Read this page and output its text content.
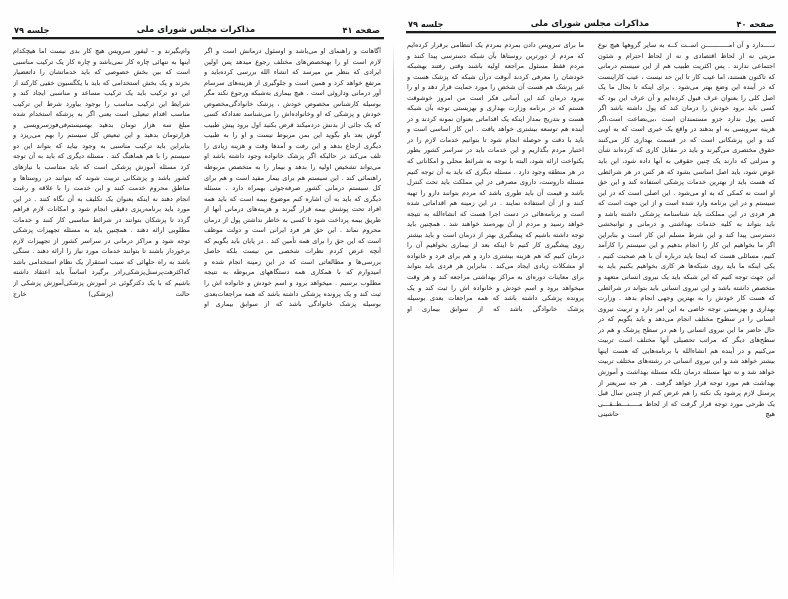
صفحه ۴۰
مذاکرات مجلس شورای ملی
جلسه ۷۹

نـــــدارد و آن امــــــــــــن اســت کــه به سایر گروهها هیچ نوع مزیتی نه از لحاظ اقتصادی و نه از لحاظ احترام و شئون اجتماعی ندارند . پس اکثریت طبیب هم از این سیستم درمانی که تاکنون هستند، اما عیب کار تا این حد نیست ، عیب کاراینست که در آینده این وضع بهتر می‌شود . برای اینکه تا بحال ما یک اصل کلی را بعنوان عرف قبول کرده‌ایم و آن عرف این بود که کسی باید برود خودش را درمان کند که پول داشته باشد اگر کسی پول ندارد جزو مستمندان است ،‌بی‌بضاعت است،‌اگر هزینه سرویسی به او بدهند در واقع یک خیری است که به اویی کند و این پزشکانی است که در قسمت بهداری کار می‌کنند حقوق مختصری می‌گیرند و باید در مقابل کاری که کرده‌اند شأن و منزلتی که دارند یک چنین حقوقی به آنها داده شود، این باید عوض شود، باید اصل اساسی بشود که هر کس در هر شرائطی که هست باید از بهترین خدمات پزشکی استفاده کند و این حق او است نه کمکی که به او می‌شود . این اصلی است که در این سیستم و در این برنامه وارد شده است و از این جهت است که هر فردی در این مملکت باید شناسنامه پزشکی داشته باشد و باید بتواند به کلیه خدمات بهداشتی و درمانی و توانبخشی دسترسی پیدا کند و این شرط مسلم این کار است و بنابراین اگر ما بخواهیم این کار را انجام بدهیم و این سیستم را کارآمد کنیم، مسائلی هست که اینجا باید درباره آن با هم صحبت کنیم ، یکی اینکه ما باید روی شبکه‌ها هر کاری بخواهیم بکنیم باید به این جهت توجه کنیم که این شبکه باید یک نیروی انسانی متعهد و متخصص داشته باشد و این نیروی انسانی باید بتواند در شرائطی که هست کار خودش را به بهترین وجهی انجام بدهد . وزارت بهداری و بهزیستی توجه خاصی به این امر دارد و تربیت نیروی انسانی را در سطوح مختلف انجام می‌دهد و باید بگویم که در حال حاضر ما این نیروی انسانی را هم در سطح پزشک و هم در سطح‌های دیگر که مراتب تحصیلی آنها مختلف است تربیت می‌کنیم و در آینده هم انشاءالله با برنامه‌هایی که هست اینها بیشتر خواهد شد و این نیروی انسانی در رشته‌های مختلف تربیت خواهد شد و نه تنها مسئله درمان بلکه مسئله بهداشت و آموزش بهداشت هم مورد توجه قرار خواهد گرفت . هر جه سریعتر از پرسنل لازم پرشود یک نکته را هم عرض کنم از چندین سال قبل یک طرحی مورد توجه قرار گرفت که از لحاظ مـــــنـــطــقـــی هیچ حاشینی

ما برای سرویس دادن بمردم بمردم یک انتظامی برقرار کرده‌ایم که مردم از دورترین روستاها بآن شبکه دسترسی پیدا کنند و مردم فقط مسئول مراجعه اولیه باشند وقتی رفتند بهشبکه خودشان را معرفی کردند آنوقت درآن شبکه که پزشک هست و غیر پزشک هم هست آن شخص را مورد حمایت قرار دهد و او را ببرود درمان کند این آسانی فکر است من امروز خوشوقت هستم که در برنامه وزارت بهداری و بهزیستی توجه بآن شبکه هست و بتدریج بمداز اینکه یک اقداماتی بعنوان نمونه کردند و در آینده هم توسعه بیشتری خواهد یافت . این کار اساسی است و باید با دقت و حوصله انجام شود تا بتوانیم خدمات لازم را در اختیار مردم بگذاریم و این خدمات باید در سراسر کشور بطور یکنواخت ارائه شود، البته با توجه به شرائط محلی و امکاناتی که در هر منطقه وجود دارد . مسئله دیگری که باید به آن توجه کنیم مسئله داروست، داروی مصرفی در این مملکت باید تحت کنترل باشد و قیمت آن باید طوری باشد که مردم بتوانند دارو را تهیه کنند و از آن استفاده نمایند . در این زمینه هم اقداماتی شده است و برنامه‌هائی در دست اجرا هست که انشاءالله به نتیجه خواهد رسید و مردم از آن بهره‌مند خواهند شد . همچنین باید توجه داشته باشیم که پیشگیری بهتر از درمان است و باید بیشتر روی پیشگیری کار کنیم تا اینکه بعد از بیماری بخواهیم آن را درمان کنیم که هم هزینه بیشتری دارد و هم برای فرد و خانواده او مشکلات زیادی ایجاد می‌کند . بنابراین هر فردی باید بتواند برای معاینات دوره‌ای به مراکز بهداشتی مراجعه کند و هر وقت میخواهد برود و اسم خودش و خانواده اش را ثبت کند و یک پرونده پزشکی داشته باشد که همه مراجعات بعدی بوسیله پزشک خانوادگی باشد که از سوابق بیماری او

صفحه ۴۱
مذاکرات مجلس شورای ملی
جلسه ۷۹

آگاهانت و راهنمای او می‌باشد و اوسئول درمانش است و اگر لازم است او را بهتخصص‌های مختلف رجوع میدهد پس اولین ایرادی که بنظر من میرسد که انشاء الله بررسی کرده‌باید و مرتفع خواهد کرد و همین است و جلوگیری از هزینه‌های سرسام آور درمانی وداروئی است . هیچ بیماری به‌شبکه ورجوع نکند مگر بوسیله کارشناس مخصوص خودش ، پزشک خانوادگی‌مخصوص خودش و پزشکی که او وخانواده‌اش را می‌شناسد تعدادکه کسی که یک جائی از بدنش دردمیکند قرض بکنید اول برود پیش طبیب گوش بعد باو بگوید این بمن مربوط نیست و او را به طبیب دیگری ارجاع بدهد و این رفت و آمدها وقت و هزینه زیادی را تلف می‌کند در حالیکه اگر پزشک خانواده وجود داشته باشد او می‌تواند تشخیص اولیه را بدهد و بیمار را به متخصص مربوطه راهنمائی کند . این سیستم هم برای بیمار مفید است و هم برای کل سیستم درمانی کشور صرفه‌جوئی بهمراه دارد . مسئله دیگری که باید به آن اشاره کنم موضوع بیمه است که باید همه افراد تحت پوشش بیمه قرار گیرند و هزینه‌های درمانی آنها از طریق بیمه پرداخت شود تا کسی به خاطر نداشتن پول از درمان محروم نماند . این حق هر فرد ایرانی است و دولت موظف است که این حق را برای همه تأمین کند . در پایان باید بگویم که آنچه عرض کردم نظرات شخصی من نیست بلکه حاصل بررسی‌ها و مطالعاتی است که در این زمینه انجام شده و امیدوارم که با همکاری همه دستگاههای مربوطه به نتیجه مطلوب برسیم . میخواهد برود و اسم خودش و خانواده اش را ثبت کند و یک پرونده پزشکی داشته باشد که همه مراجعات‌بعدی بوسیله پزشک خانوادگی باشد که از سوابق بیماری او

وام‌بگیرند و – لیفور سرویس هیچ کار بدی نیست اما هیچکدام اینها به تنهائی چاره کار نمی‌باشد و چاره کار یک ترکیب مناسبی است که بین بخش خصوصی که باید خدماتشان را داتعضیار بخرند و یک بخش استخدامی که باید با یکگسیون خفیی کارکند از این دو ترکیب باید یک ترکیب مساعد و مناسبی ایجاد کند و شرایط این ترکیب مناسب را بوجود بیاورد شرط این ترکیب مناسب اقدام تبعیلی است یعنی اگر به پزشکه استخدام شده مبلغ سه هزار تومان بدهید بهسیستم‌فی‌فوزسرویسی و هزارتومان بدهید و این تبعیض کل سیستم را بهم می‌ریزد و بنابراین باید ترکیب مناسبی به وجود بیاید که بتواند این دو سیستم را با هم هماهنگ کند . مسئله دیگری که باید به آن توجه کرد مسئله آموزش پزشکی است که باید متناسب با نیازهای کشور باشد و پزشکانی تربیت شوند که بتوانند در روستاها و مناطق محروم خدمت کنند و این خدمت را با علاقه و رغبت انجام دهند نه اینکه بعنوان یک تکلیف به آن نگاه کنند . در این مورد باید برنامه‌ریزی دقیقی انجام شود و امکانات لازم فراهم گردد تا پزشکان بتوانند در شرائط مناسبی کار کنند و خدمات مطلوبی ارائه دهند . همچنین باید به مسئله تجهیزات پزشکی توجه شود و مراکز درمانی در سراسر کشور از تجهیزات لازم برخوردار باشند تا بتوانند خدمات مورد نیاز را ارائه دهند . سنگی باشد به راه حلهائی که سبب استقرار یک نظام استخدامی باشد که‌اکثرهت‌پرسنل‌پزشکی‌رادر برگیرد اساساً باید اعتقاد داشته باشیم که با یک دکترگوئی در آموزش پزشکی‌آموزش پزشکی از حالت (پزشکی) خارج
